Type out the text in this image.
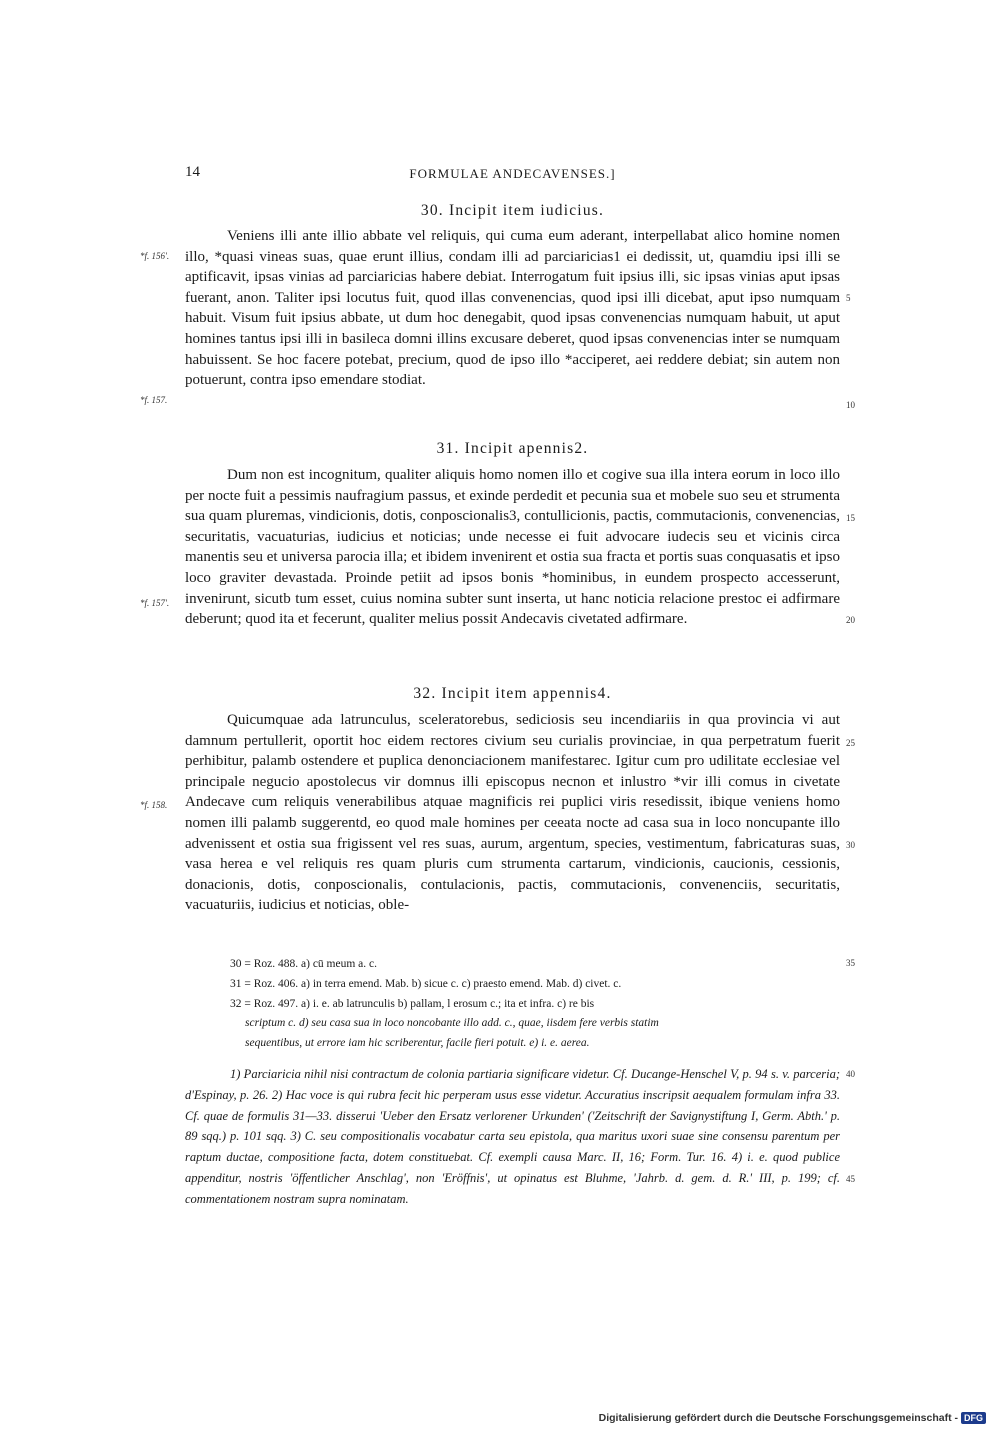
14	FORMULAE ANDECAVENSES.]
30. Incipit item iudicius.

Veniens illi ante illio abbate vel reliquis, qui cuma eum aderant, interpellabat alico homine nomen illo, *quasi vineas suas, quae erunt illius, condam illi ad parciaricias1 ei dedissit, ut, quamdiu ipsi illi se aptificavit, ipsas vinias ad parciaricias habere debiat. Interrogatum fuit ipsius illi, sic ipsas vinias aput ipsas fuerant, anon. Taliter ipsi locutus fuit, quod illas convenencias, quod ipsi illi dicebat, aput ipso numquam habuit. Visum fuit ipsius abbate, ut dum hoc denegabit, quod ipsas convenencias numquam habuit, ut aput homines tantus ipsi illi in basileca domni illins excusare deberet, quod ipsas convenencias inter se numquam habuissent. Se hoc facere potebat, precium, quod de ipso illo *acciperet, aei reddere debiat; sin autem non potuerunt, contra ipso emendare stodiat.

31. Incipit apennis2.

Dum non est incognitum, qualiter aliquis homo nomen illo et cogive sua illa intera eorum in loco illo per nocte fuit a pessimis naufragium passus, et exinde perdedit et pecunia sua et mobele suo seu et strumenta sua quam pluremas, vindicionis, dotis, conposcionalis3, contullicionis, pactis, commutacionis, convenencias, securitatis, vacuaturias, iudicius et noticias; unde necesse ei fuit advocare iudecis seu et vicinis circa manentis seu et universa parocia illa; et ibidem invenirent et ostia sua fracta et portis suas conquasatis et ipso loco graviter devastada. Proinde petiit ad ipsos bonis *hominibus, in eundem prospecto accesserunt, invenirunt, sicutb tum esset, cuius nomina subter sunt inserta, ut hanc noticia relacione prestoc ei adfirmare deberunt; quod ita et fecerunt, qualiter melius possit Andecavis civetated adfirmare.

32. Incipit item appennis4.

Quicumquae ada latrunculus, sceleratorebus, sediciosis seu incendiariis in qua provincia vi aut damnum pertullerit, oportit hoc eidem rectores civium seu curialis provinciae, in qua perpetratum fuerit perhibitur, palamb ostendere et puplica denonciacionem manifestarec. Igitur cum pro udilitate ecclesiae vel principale negucio apostolecus vir domnus illi episcopus necnon et inlustro *vir illi comus in civetate Andecave cum reliquis venerabilibus atquae magnificis rei puplici viris resedissit, ibique veniens homo nomen illi palamb suggerentd, eo quod male homines per ceeata nocte ad casa sua in loco noncupante illo advenissent et ostia sua frigissent vel res suas, aurum, argentum, species, vestimentum, fabricaturas suas, vasa herea e vel reliquis res quam pluris cum strumenta cartarum, vindicionis, caucionis, cessionis, donacionis, dotis, conposcionalis, contulacionis, pactis, commutacionis, convenenciis, securitatis, vacuaturiis, iudicius et noticias, oble-

*f. 156'.
*f. 157.
*f. 157'.
*f. 158.
5
10
15
20
25
30
35
40
45
30 = Roz. 488. a) cū meum a. c.
31 = Roz. 406. a) in terra emend. Mab. b) sicue c. c) praesto emend. Mab. d) civet. c.
32 = Roz. 497. a) i. e. ab latrunculis b) pallam, l erosum c.; ita et infra. c) re bis
scriptum c. d) seu casa sua in loco noncobante illo add. c., quae, iisdem fere verbis statim
sequentibus, ut errore iam hic scriberentur, facile fieri potuit. e) i. e. aerea.

1) Parciaricia nihil nisi contractum de colonia partiaria significare videtur. Cf. Ducange-Henschel V, p. 94 s. v. parceria; d'Espinay, p. 26. 2) Hac voce is qui rubra fecit hic perperam usus esse videtur. Accuratius inscripsit aequalem formulam infra 33. Cf. quae de formulis 31—33. disserui 'Ueber den Ersatz verlorener Urkunden' ('Zeitschrift der Savignystiftung I, Germ. Abth.' p. 89 sqq.) p. 101 sqq. 3) C. seu compositionalis vocabatur carta seu epistola, qua maritus uxori suae sine consensu parentum per raptum ductae, compositione facta, dotem constituebat. Cf. exempli causa Marc. II, 16; Form. Tur. 16. 4) i. e. quod publice appenditur, nostris 'öffentlicher Anschlag', non 'Eröffnis', ut opinatus est Bluhme, 'Jahrb. d. gem. d. R.' III, p. 199; cf. commentationem nostram supra nominatam.

Digitalisierung gefördert durch die Deutsche Forschungsgemeinschaft - DFG
